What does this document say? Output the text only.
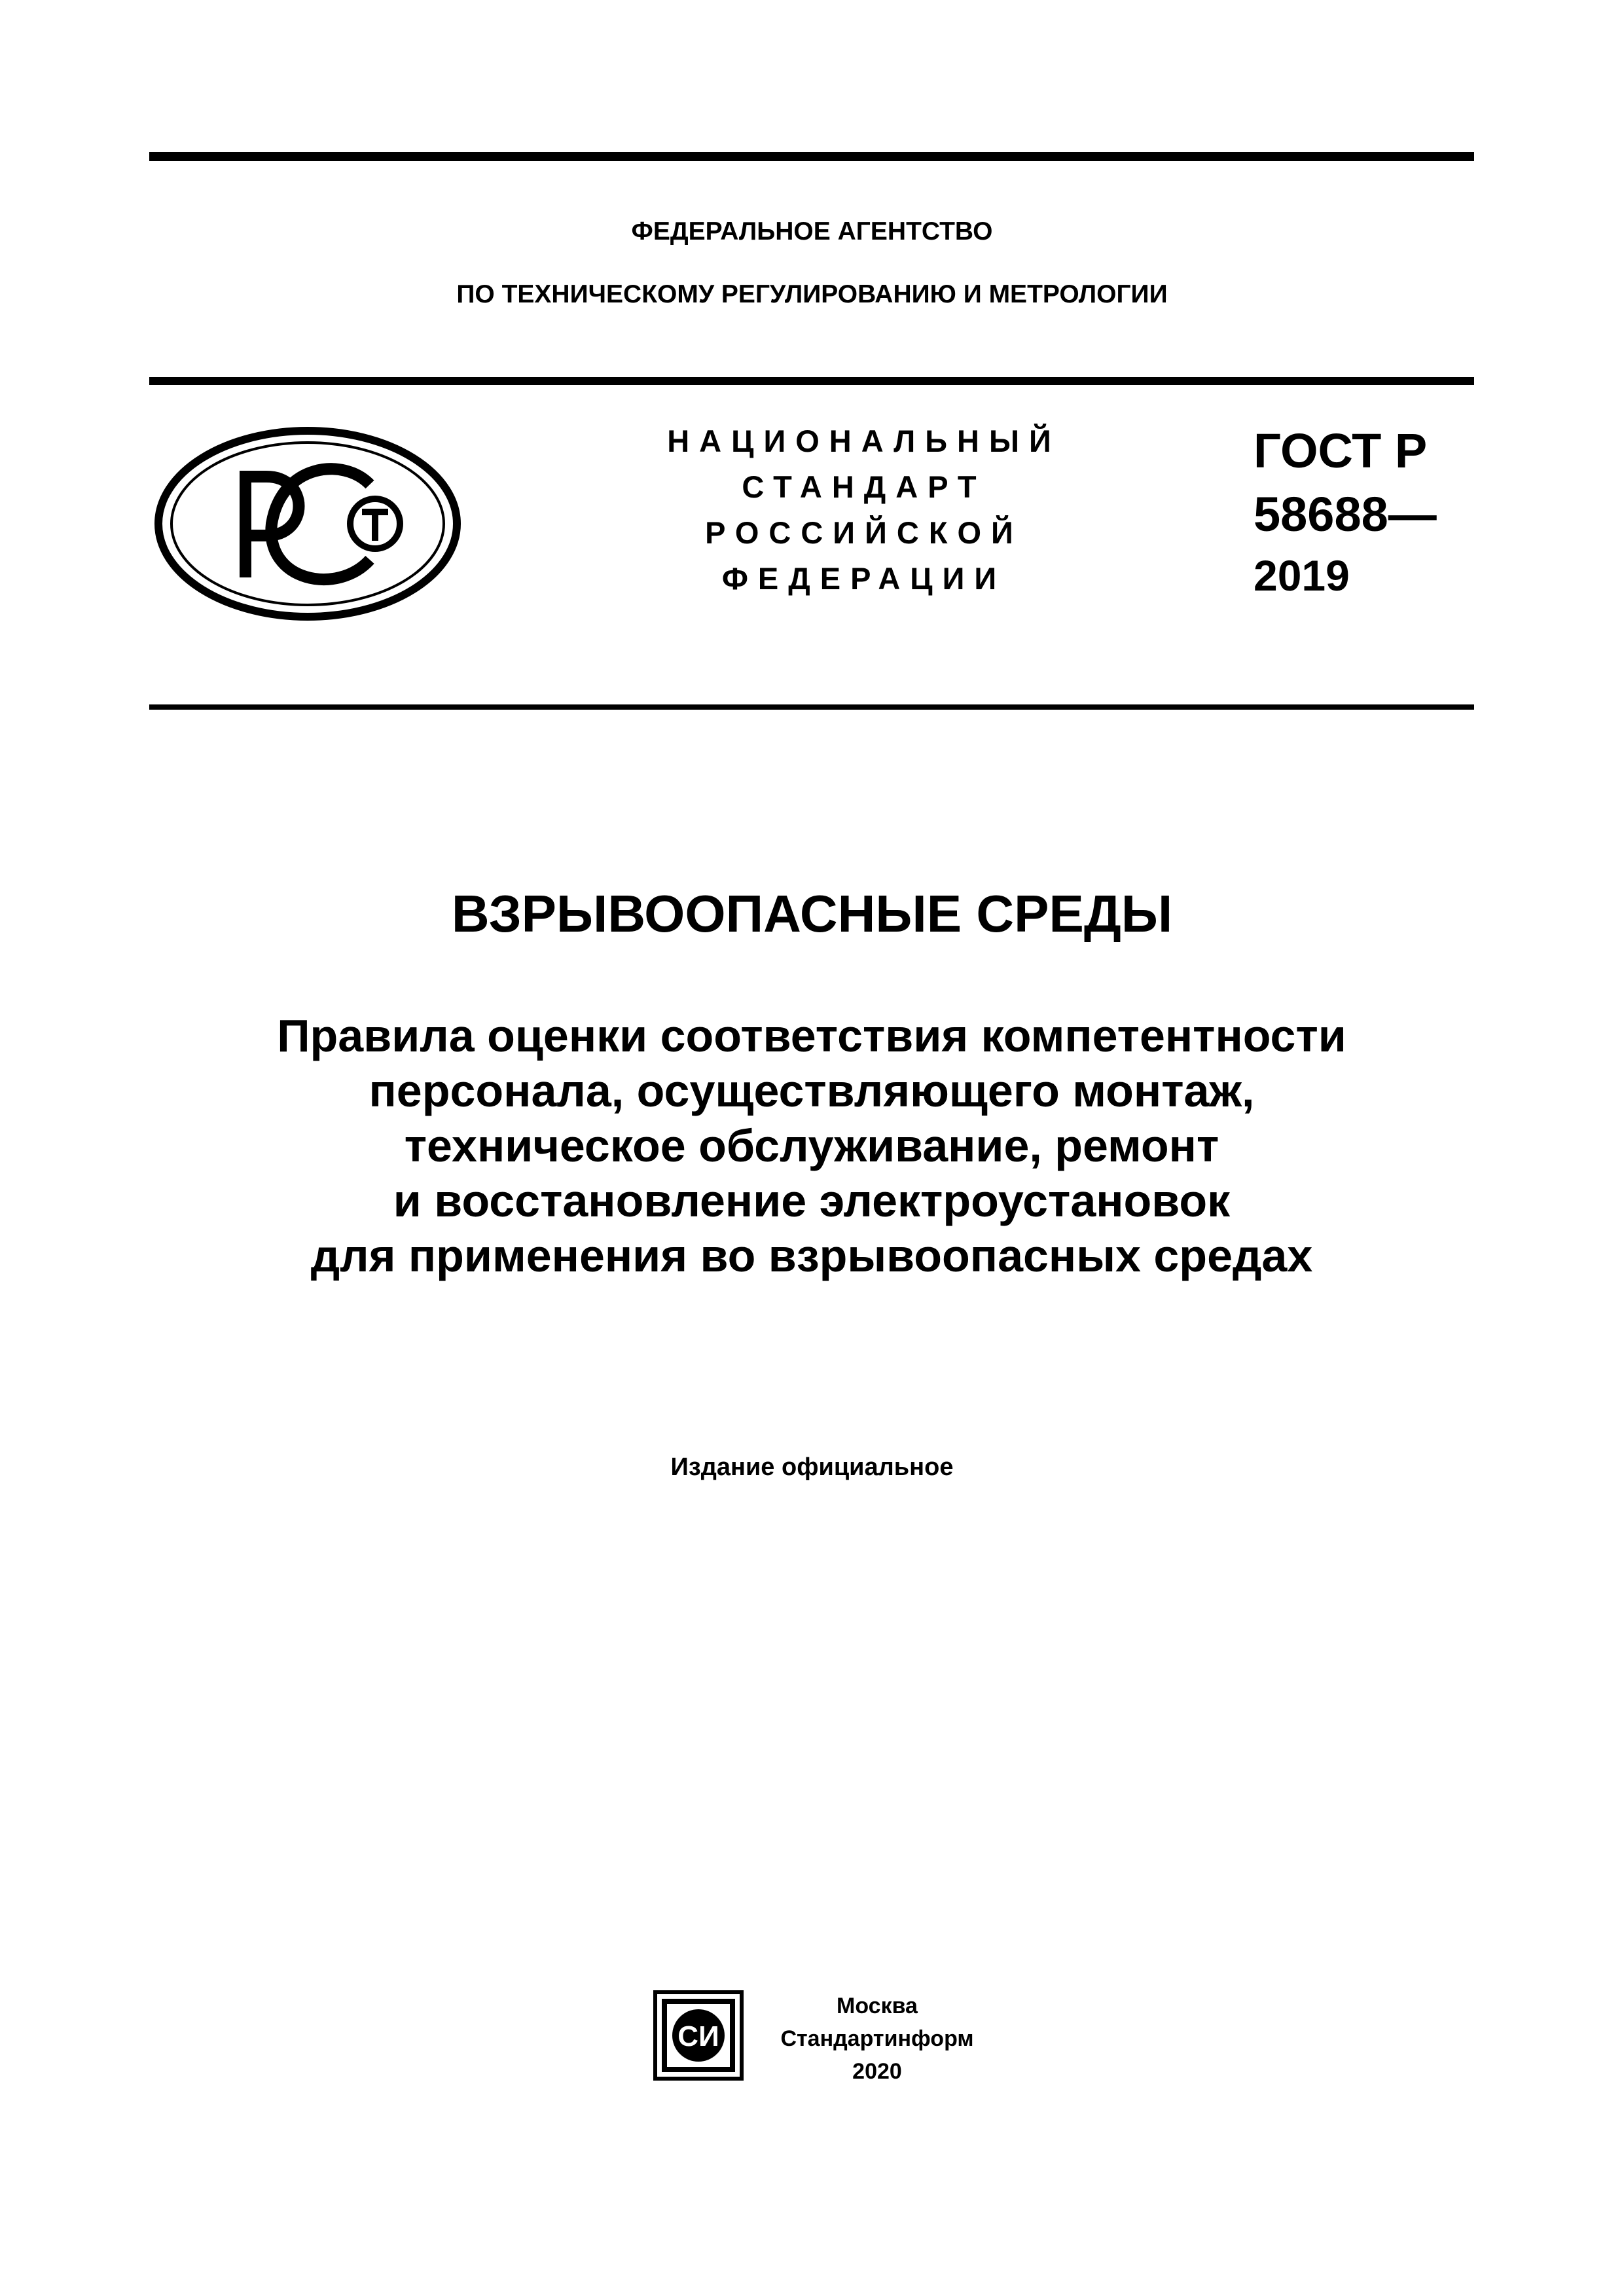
ФЕДЕРАЛЬНОЕ АГЕНТСТВО
ПО ТЕХНИЧЕСКОМУ РЕГУЛИРОВАНИЮ И МЕТРОЛОГИИ
НАЦИОНАЛЬНЫЙ
СТАНДАРТ
РОССИЙСКОЙ
ФЕДЕРАЦИИ
ГОСТ Р
58688—
2019
ВЗРЫВООПАСНЫЕ СРЕДЫ
Правила оценки соответствия компетентности
персонала, осуществляющего монтаж,
техническое обслуживание, ремонт
и восстановление электроустановок
для применения во взрывоопасных средах
Издание официальное
СИ
Москва
Стандартинформ
2020
